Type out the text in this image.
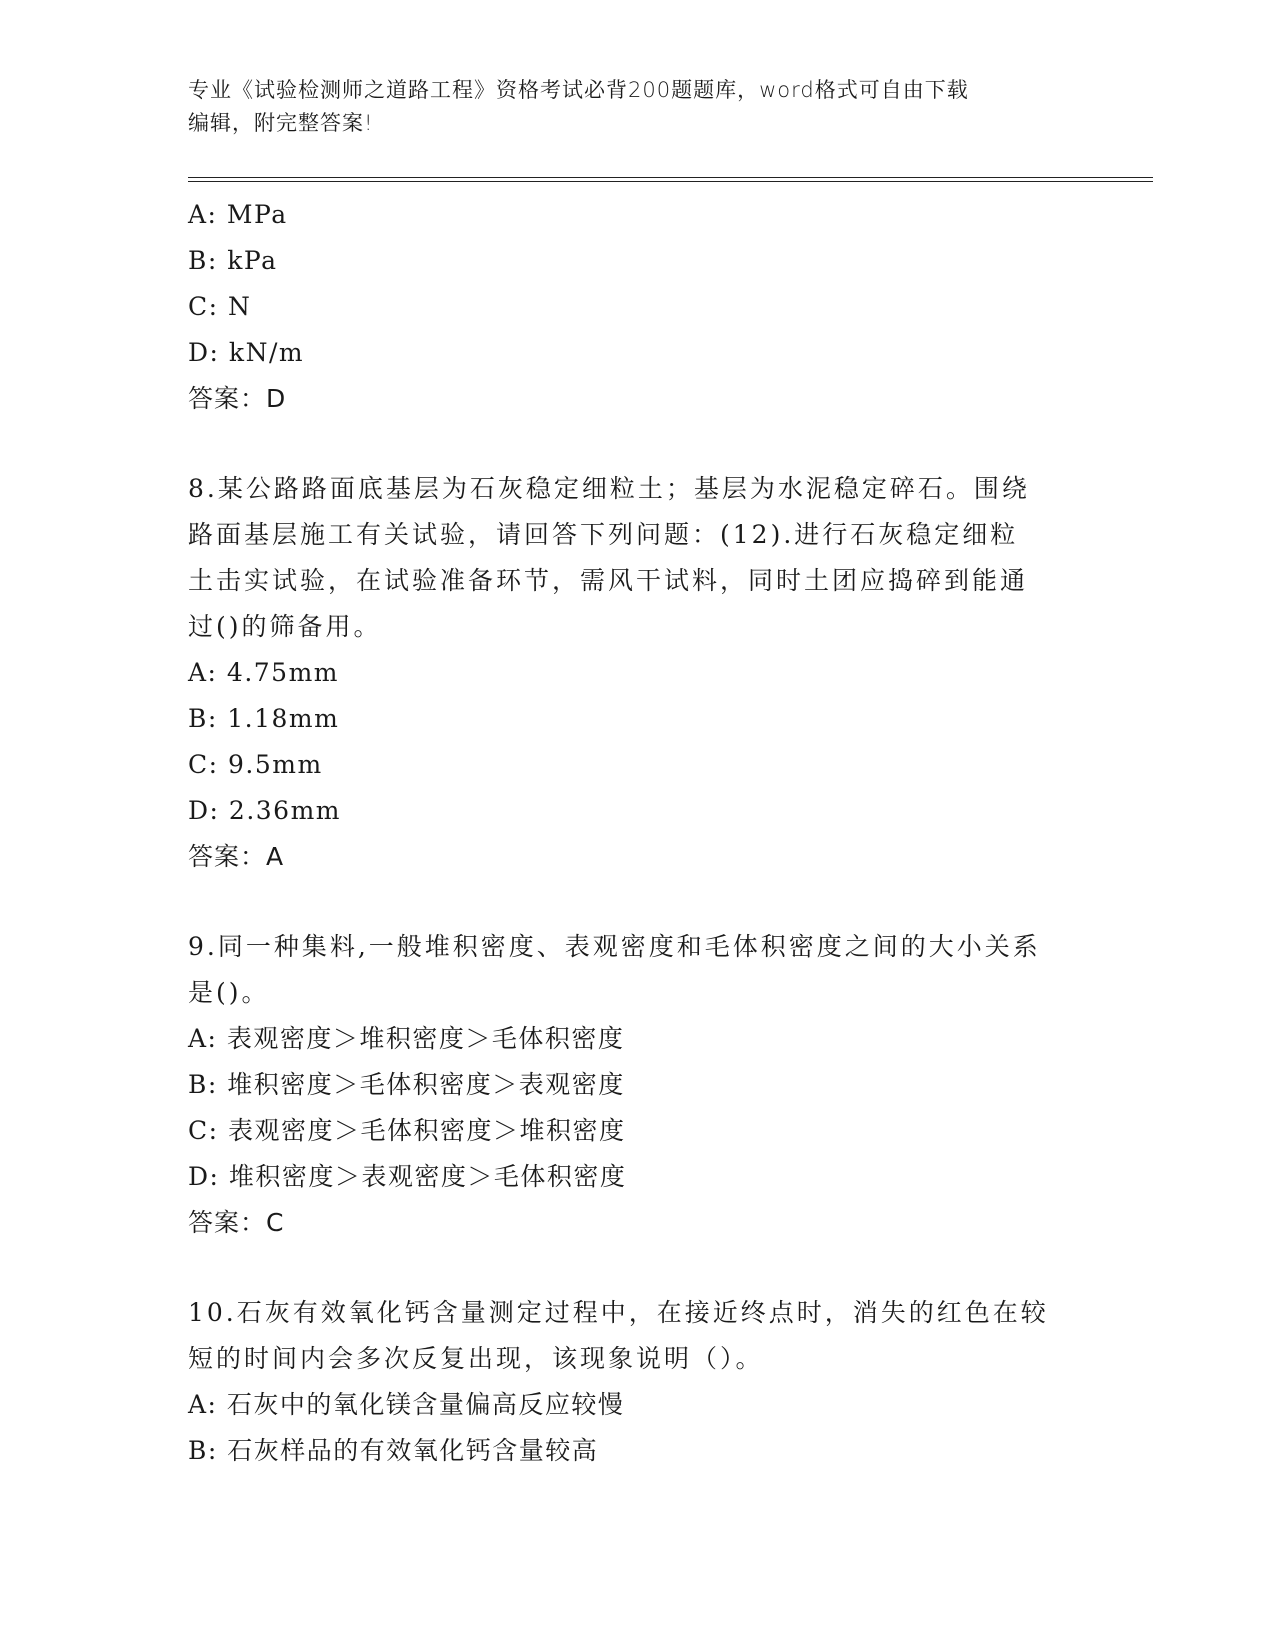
专业《试验检测师之道路工程》资格考试必背200题题库，word格式可自由下载
编辑，附完整答案!
A: MPa
B: kPa
C: N
D: kN/m
答案：D
8.某公路路面底基层为石灰稳定细粒土；基层为水泥稳定碎石。围绕
路面基层施工有关试验，请回答下列问题：(12).进行石灰稳定细粒
土击实试验，在试验准备环节，需风干试料，同时土团应捣碎到能通
过()的筛备用。
A: 4.75mm
B: 1.18mm
C: 9.5mm
D: 2.36mm
答案：A
9.同一种集料,一般堆积密度、表观密度和毛体积密度之间的大小关系
是()。
A: 表观密度＞堆积密度＞毛体积密度
B: 堆积密度＞毛体积密度＞表观密度
C: 表观密度＞毛体积密度＞堆积密度
D: 堆积密度＞表观密度＞毛体积密度
答案：C
10.石灰有效氧化钙含量测定过程中，在接近终点时，消失的红色在较
短的时间内会多次反复出现，该现象说明（）。
A: 石灰中的氧化镁含量偏高反应较慢
B: 石灰样品的有效氧化钙含量较高
